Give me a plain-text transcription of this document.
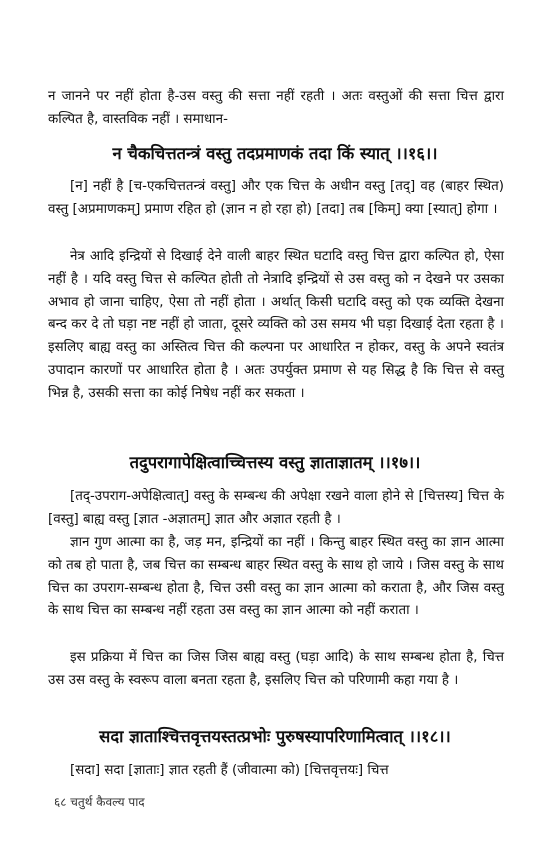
न जानने पर नहीं होता है-उस वस्तु की सत्ता नहीं रहती । अतः वस्तुओं की सत्ता चित्त द्वारा कल्पित है, वास्तविक नहीं । समाधान-

न चैकचित्ततन्त्रं वस्तु तदप्रमाणकं तदा किं स्यात् ।।१६।।

[न] नहीं है [च-एकचित्ततन्त्रं वस्तु] और एक चित्त के अधीन वस्तु [तद्] वह (बाहर स्थित) वस्तु [अप्रमाणकम्] प्रमाण रहित हो (ज्ञान न हो रहा हो) [तदा] तब [किम्] क्या [स्यात्] होगा ।

नेत्र आदि इन्द्रियों से दिखाई देने वाली बाहर स्थित घटादि वस्तु चित्त द्वारा कल्पित हो, ऐसा नहीं है । यदि वस्तु चित्त से कल्पित होती तो नेत्रादि इन्द्रियों से उस वस्तु को न देखने पर उसका अभाव हो जाना चाहिए, ऐसा तो नहीं होता । अर्थात् किसी घटादि वस्तु को एक व्यक्ति देखना बन्द कर दे तो घड़ा नष्ट नहीं हो जाता, दूसरे व्यक्ति को उस समय भी घड़ा दिखाई देता रहता है । इसलिए बाह्य वस्तु का अस्तित्व चित्त की कल्पना पर आधारित न होकर, वस्तु के अपने स्वतंत्र उपादान कारणों पर आधारित होता है । अतः उपर्युक्त प्रमाण से यह सिद्ध है कि चित्त से वस्तु भिन्न है, उसकी सत्ता का कोई निषेध नहीं कर सकता ।

तदुपरागापेक्षित्वाच्चित्तस्य वस्तु ज्ञाताज्ञातम् ।।१७।।

[तद्-उपराग-अपेक्षित्वात्] वस्तु के सम्बन्ध की अपेक्षा रखने वाला होने से [चित्तस्य] चित्त के [वस्तु] बाह्य वस्तु [ज्ञात -अज्ञातम्] ज्ञात और अज्ञात रहती है ।

ज्ञान गुण आत्मा का है, जड़ मन, इन्द्रियों का नहीं । किन्तु बाहर स्थित वस्तु का ज्ञान आत्मा को तब हो पाता है, जब चित्त का सम्बन्ध बाहर स्थित वस्तु के साथ हो जाये । जिस वस्तु के साथ चित्त का उपराग-सम्बन्ध होता है, चित्त उसी वस्तु का ज्ञान आत्मा को कराता है, और जिस वस्तु के साथ चित्त का सम्बन्ध नहीं रहता उस वस्तु का ज्ञान आत्मा को नहीं कराता ।

इस प्रक्रिया में चित्त का जिस जिस बाह्य वस्तु (घड़ा आदि) के साथ सम्बन्ध होता है, चित्त उस उस वस्तु के स्वरूप वाला बनता रहता है, इसलिए चित्त को परिणामी कहा गया है ।

सदा ज्ञाताश्चित्तवृत्तयस्तत्प्रभोः पुरुषस्यापरिणामित्वात् ।।१८।।

[सदा] सदा [ज्ञाताः] ज्ञात रहती हैं (जीवात्मा को) [चित्तवृत्तयः] चित्त

६८ चतुर्थ कैवल्य पाद
